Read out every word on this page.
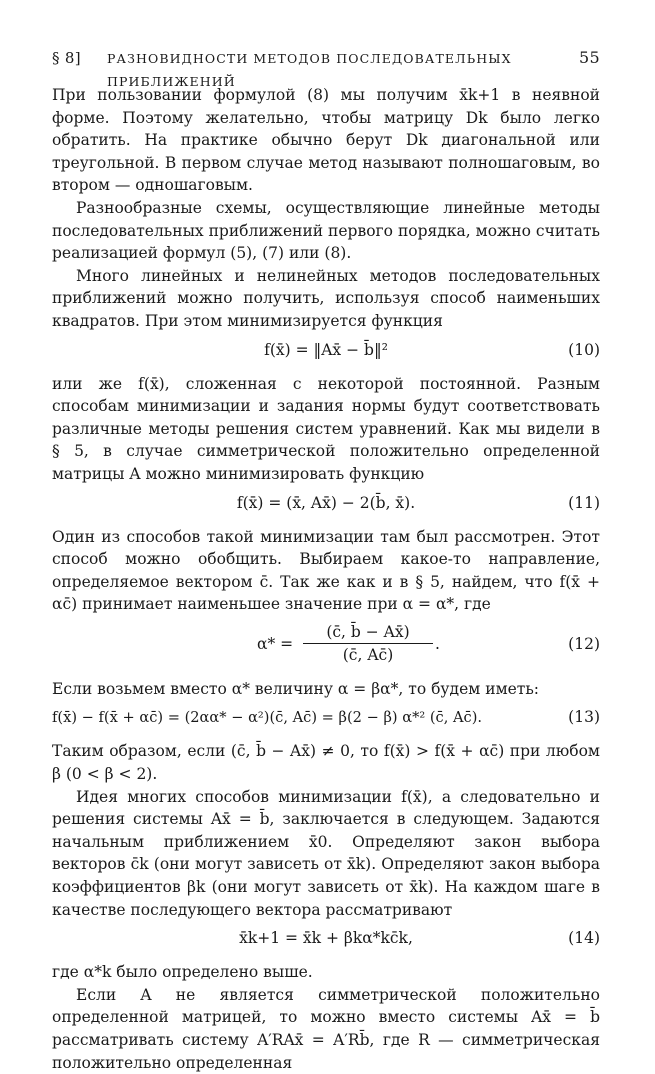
§ 8] РАЗНОВИДНОСТИ МЕТОДОВ ПОСЛЕДОВАТЕЛЬНЫХ ПРИБЛИЖЕНИЙ
55

При пользовании формулой (8) мы получим x̄k+1 в неявной форме. Поэтому желательно, чтобы матрицу Dk было легко обратить. На практике обычно берут Dk диагональной или треугольной. В первом случае метод называют полношаговым, во втором — одношаговым.

Разнообразные схемы, осуществляющие линейные методы последовательных приближений первого порядка, можно считать реализацией формул (5), (7) или (8).

Много линейных и нелинейных методов последовательных приближений можно получить, используя способ наименьших квадратов. При этом минимизируется функция

f(x̄) = ‖Ax̄ − b̄‖²	(10)

или же f(x̄), сложенная с некоторой постоянной. Разным способам минимизации и задания нормы будут соответствовать различные методы решения систем уравнений. Как мы видели в § 5, в случае симметрической положительно определенной матрицы A можно минимизировать функцию

f(x̄) = (x̄, Ax̄) − 2(b̄, x̄).	(11)

Один из способов такой минимизации там был рассмотрен. Этот способ можно обобщить. Выбираем какое-то направление, определяемое вектором c̄. Так же как и в § 5, найдем, что f(x̄ + αc̄) принимает наименьшее значение при α = α*, где

$\alpha* = \frac{(c̄, b̄ - Ax̄)}{(c̄, Ac̄)}$ .	(12)

Если возьмем вместо α* величину α = βα*, то будем иметь:

f(x̄) − f(x̄ + αc̄) = (2αα* − α²)(c̄, Ac̄) = β(2 − β) α*² (c̄, Ac̄).	(13)

Таким образом, если (c̄, b̄ − Ax̄) ≠ 0, то f(x̄) > f(x̄ + αc̄) при любом β (0 < β < 2).

Идея многих способов минимизации f(x̄), а следовательно и решения системы Ax̄ = b̄, заключается в следующем. Задаются начальным приближением x̄0. Определяют закон выбора векторов c̄k (они могут зависеть от x̄k). Определяют закон выбора коэффициентов βk (они могут зависеть от x̄k). На каждом шаге в качестве последующего вектора рассматривают

x̄k+1 = x̄k + βkα*kc̄k,	(14)

где α*k было определено выше.

Если A не является симметрической положительно определенной матрицей, то можно вместо системы Ax̄ = b̄ рассматривать систему A′RAx̄ = A′Rb̄, где R — симметрическая положительно определенная
